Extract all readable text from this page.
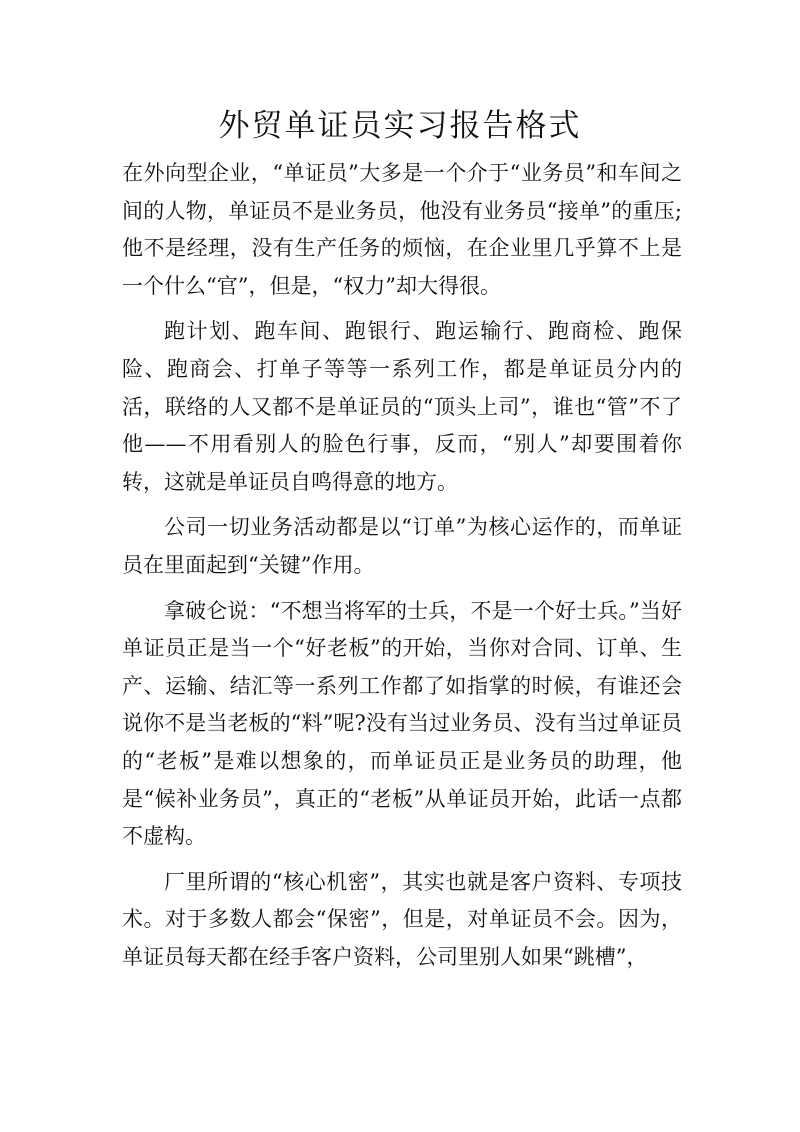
外贸单证员实习报告格式

在外向型企业，“单证员”大多是一个介于“业务员”和车间之间的人物，单证员不是业务员，他没有业务员“接单”的重压;他不是经理，没有生产任务的烦恼，在企业里几乎算不上是一个什么“官”，但是，“权力”却大得很。

跑计划、跑车间、跑银行、跑运输行、跑商检、跑保险、跑商会、打单子等等一系列工作，都是单证员分内的活，联络的人又都不是单证员的“顶头上司”，谁也“管”不了他——不用看别人的脸色行事，反而，“别人”却要围着你转，这就是单证员自鸣得意的地方。

公司一切业务活动都是以“订单”为核心运作的，而单证员在里面起到“关键”作用。

拿破仑说：“不想当将军的士兵，不是一个好士兵。”当好单证员正是当一个“好老板”的开始，当你对合同、订单、生产、运输、结汇等一系列工作都了如指掌的时候，有谁还会说你不是当老板的“料”呢?没有当过业务员、没有当过单证员的“老板”是难以想象的，而单证员正是业务员的助理，他是“候补业务员”，真正的“老板”从单证员开始，此话一点都不虚构。

厂里所谓的“核心机密”，其实也就是客户资料、专项技术。对于多数人都会“保密”，但是，对单证员不会。因为，单证员每天都在经手客户资料，公司里别人如果“跳槽”，
